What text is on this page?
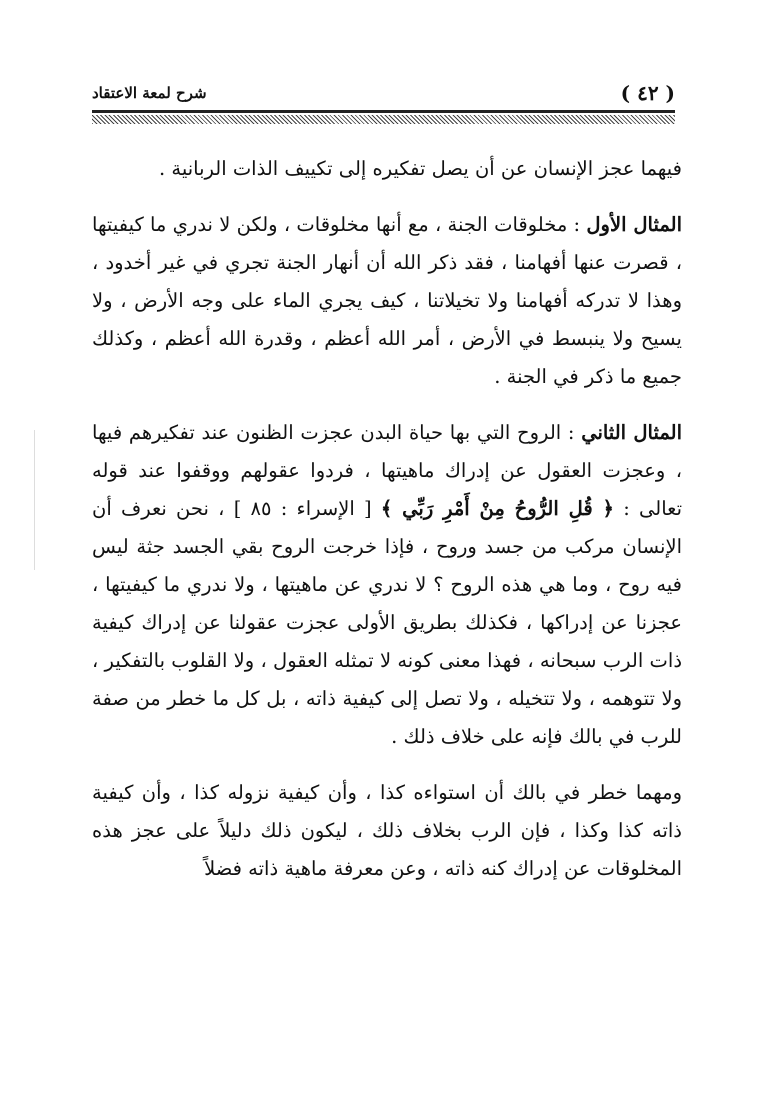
( ٤٢ )
شرح لمعة الاعتقاد

فيهما عجز الإنسان عن أن يصل تفكيره إلى تكييف الذات الربانية .

المثال الأول : مخلوقات الجنة ، مع أنها مخلوقات ، ولكن لا ندري ما كيفيتها ، قصرت عنها أفهامنا ، فقد ذكر الله أن أنهار الجنة تجري في غير أخدود ، وهذا لا تدركه أفهامنا ولا تخيلاتنا ، كيف يجري الماء على وجه الأرض ، ولا يسيح ولا ينبسط في الأرض ، أمر الله أعظم ، وقدرة الله أعظم ، وكذلك جميع ما ذكر في الجنة .

المثال الثاني : الروح التي بها حياة البدن عجزت الظنون عند تفكيرهم فيها ، وعجزت العقول عن إدراك ماهيتها ، فردوا عقولهم ووقفوا عند قوله تعالى : ﴿ قُلِ الرُّوحُ مِنْ أَمْرِ رَبِّي ﴾ [ الإسراء : ٨٥ ] ، نحن نعرف أن الإنسان مركب من جسد وروح ، فإذا خرجت الروح بقي الجسد جثة ليس فيه روح ، وما هي هذه الروح ؟ لا ندري عن ماهيتها ، ولا ندري ما كيفيتها ، عجزنا عن إدراكها ، فكذلك بطريق الأولى عجزت عقولنا عن إدراك كيفية ذات الرب سبحانه ، فهذا معنى كونه لا تمثله العقول ، ولا القلوب بالتفكير ، ولا تتوهمه ، ولا تتخيله ، ولا تصل إلى كيفية ذاته ، بل كل ما خطر من صفة للرب في بالك فإنه على خلاف ذلك .

ومهما خطر في بالك أن استواءه كذا ، وأن كيفية نزوله كذا ، وأن كيفية ذاته كذا وكذا ، فإن الرب بخلاف ذلك ، ليكون ذلك دليلاً على عجز هذه المخلوقات عن إدراك كنه ذاته ، وعن معرفة ماهية ذاته فضلاً
